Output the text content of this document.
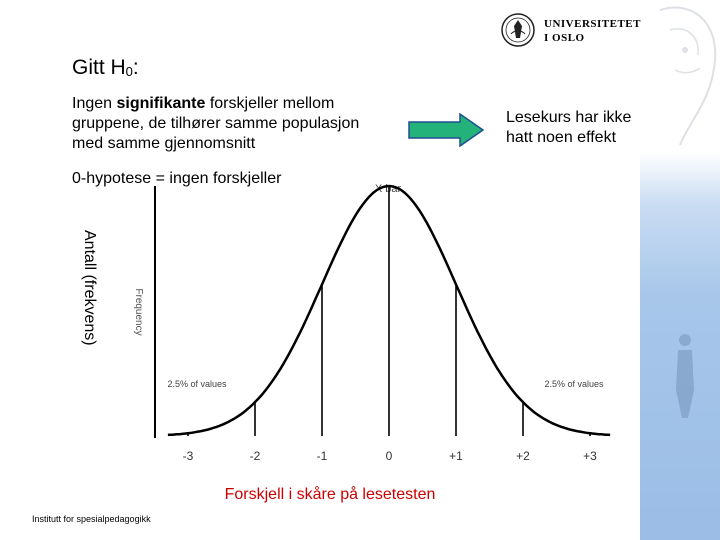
UNIVERSITETET
I OSLO
Gitt $H_0$:
Ingen signifikante forskjeller mellom gruppene, de tilhører samme populasjon med samme gjennomsnitt
Lesekurs har ikke hatt noen effekt
0-hypotese = ingen forskjeller
Antall (frekvens)
X bar
Frequency
2.5% of values	2.5% of values
-3	-2	-1	0	+1	+2	+3
Forskjell i skåre på lesetesten
Institutt for spesialpedagogikk
